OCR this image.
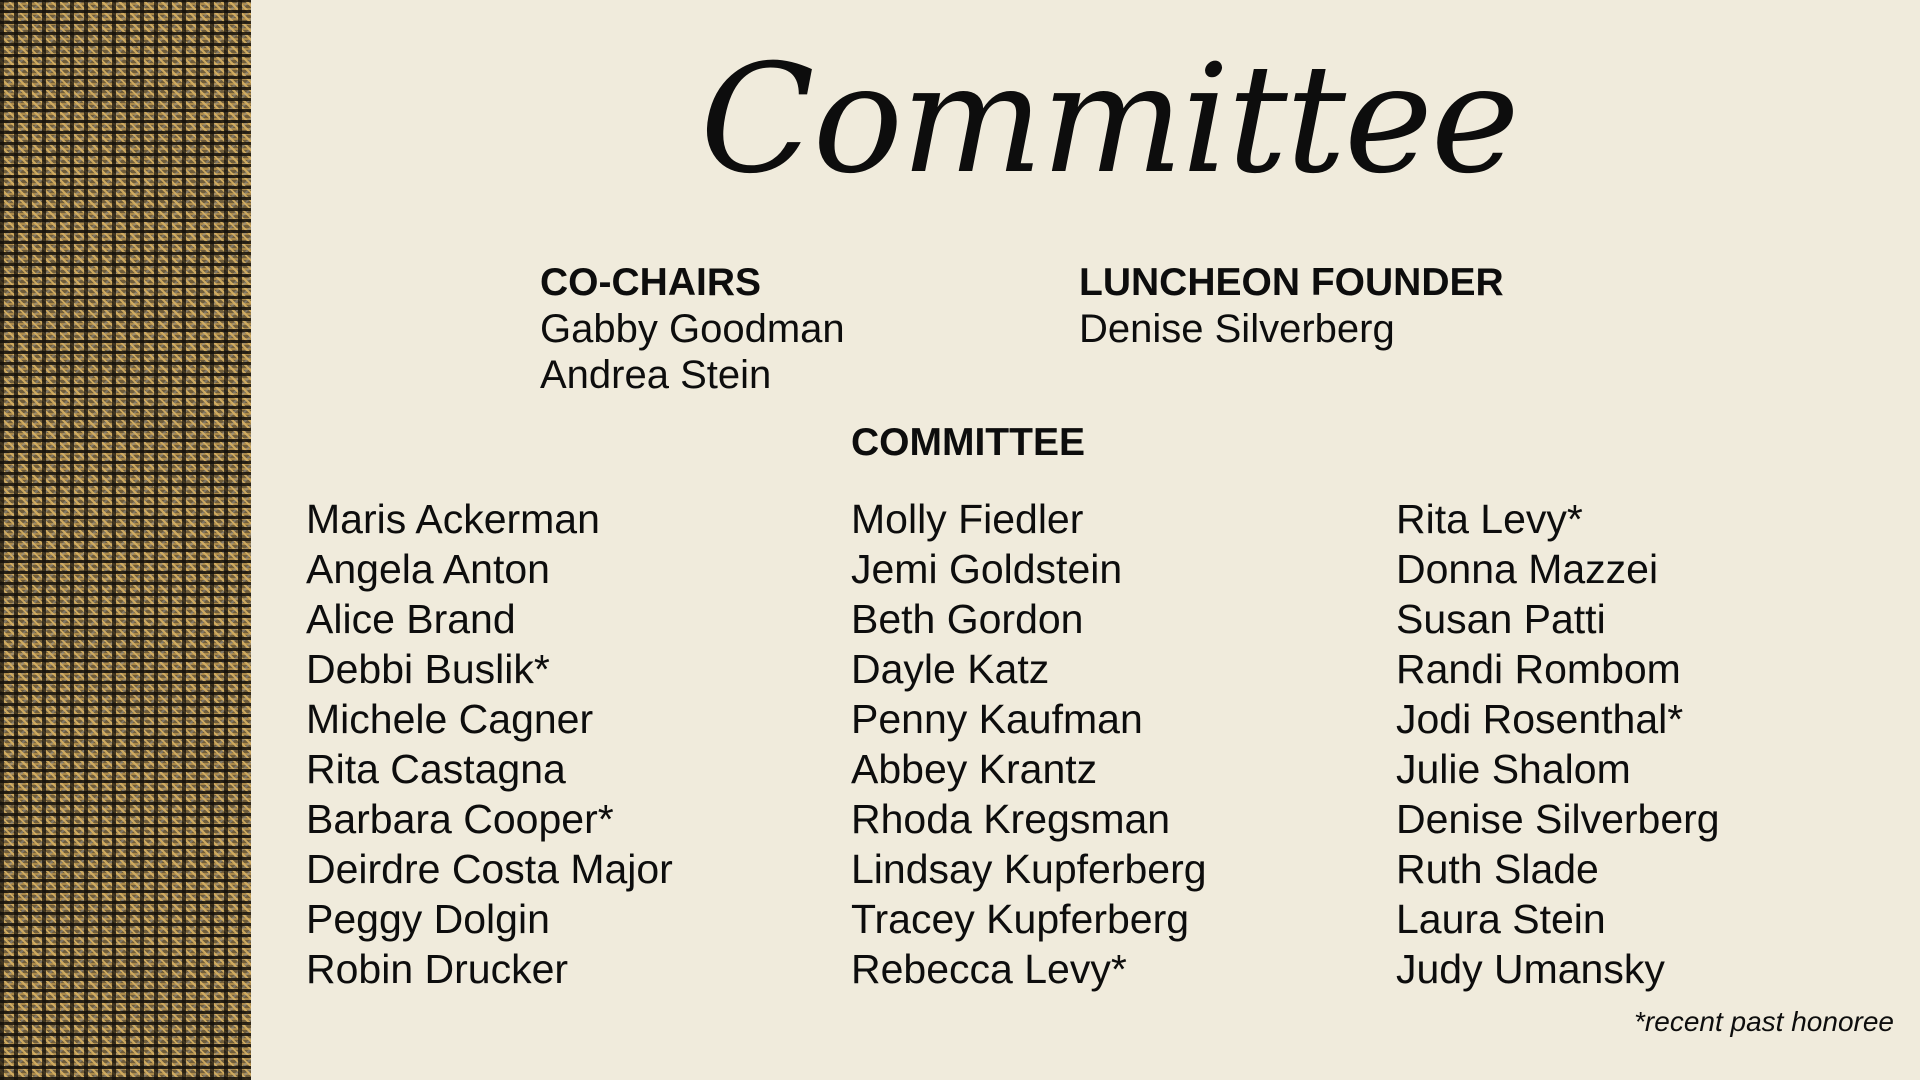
Committee

CO-CHAIRS

Gabby Goodman

Andrea Stein

LUNCHEON FOUNDER

Denise Silverberg

COMMITTEE

Maris Ackerman
Angela Anton
Alice Brand
Debbi Buslik*
Michele Cagner
Rita Castagna
Barbara Cooper*
Deirdre Costa Major
Peggy Dolgin
Robin Drucker
Molly Fiedler
Jemi Goldstein
Beth Gordon
Dayle Katz
Penny Kaufman
Abbey Krantz
Rhoda Kregsman
Lindsay Kupferberg
Tracey Kupferberg
Rebecca Levy*
Rita Levy*
Donna Mazzei
Susan Patti
Randi Rombom
Jodi Rosenthal*
Julie Shalom
Denise Silverberg
Ruth Slade
Laura Stein
Judy Umansky

*recent past honoree
